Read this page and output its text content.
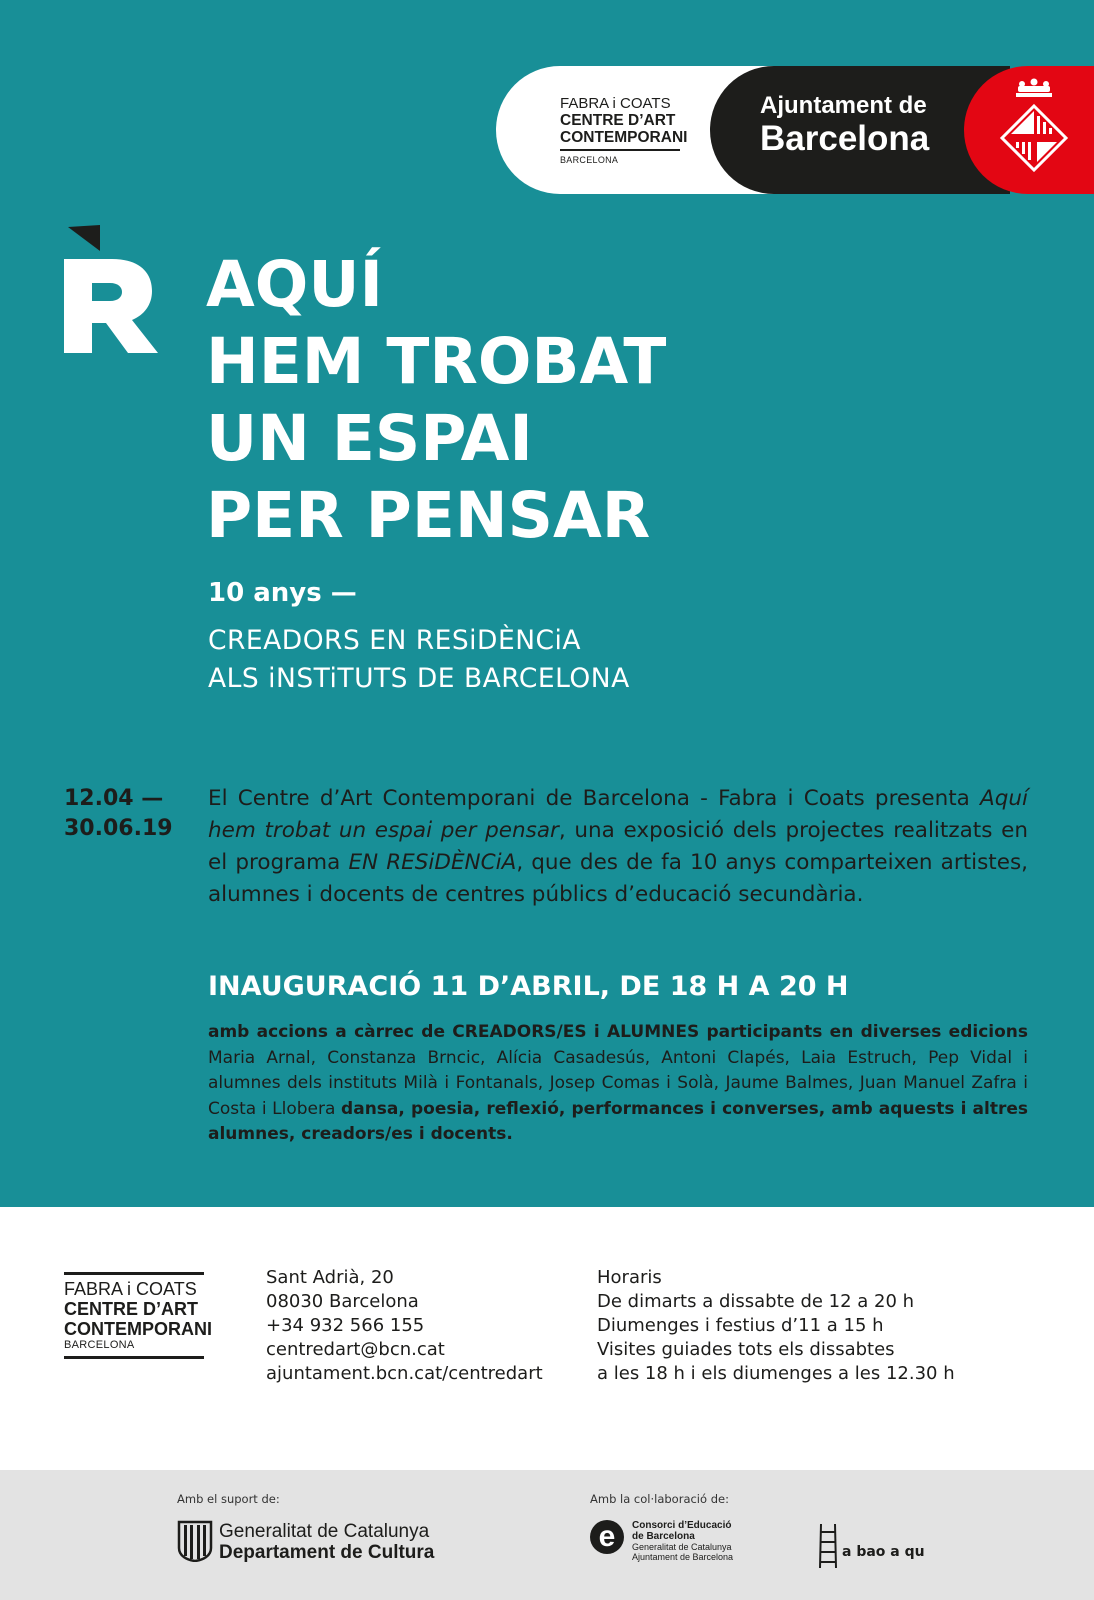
FABRA i COATS
CENTRE D’ART
CONTEMPORANI
BARCELONA
Ajuntament de
Barcelona
AQUÍ
HEM TROBAT
UN ESPAI
PER PENSAR
10 anys —
CREADORS EN RESiDÈNCiA
ALS iNSTiTUTS DE BARCELONA
12.04 —
30.06.19

El Centre d’Art Contemporani de Barcelona - Fabra i Coats presenta Aquí hem trobat un espai per pensar, una exposició dels projectes realitzats en el programa EN RESiDÈNCiA, que des de fa 10 anys comparteixen artistes, alumnes i docents de centres públics d’educació secundària.

INAUGURACIÓ 11 D’ABRIL, DE 18 H A 20 H

amb accions a càrrec de CREADORS/ES i ALUMNES participants en diverses edicions Maria Arnal, Constanza Brncic, Alícia Casadesús, Antoni Clapés, Laia Estruch, Pep Vidal i alumnes dels instituts Milà i Fontanals, Josep Comas i Solà, Jaume Balmes, Juan Manuel Zafra i Costa i Llobera dansa, poesia, reflexió, performances i converses, amb aquests i altres alumnes, creadors/es i docents.

FABRA i COATS
CENTRE D’ART
CONTEMPORANI
BARCELONA
Sant Adrià, 20
08030 Barcelona
+34 932 566 155
centredart@bcn.cat
ajuntament.bcn.cat/centredart
Horaris
De dimarts a dissabte de 12 a 20 h
Diumenges i festius d’11 a 15 h
Visites guiades tots els dissabtes
a les 18 h i els diumenges a les 12.30 h
Amb el suport de:
Generalitat de Catalunya
Departament de Cultura
Amb la col·laboració de:
e	Consorci d’Educació
de Barcelona
Generalitat de Catalunya
Ajuntament de Barcelona	a bao a qu
